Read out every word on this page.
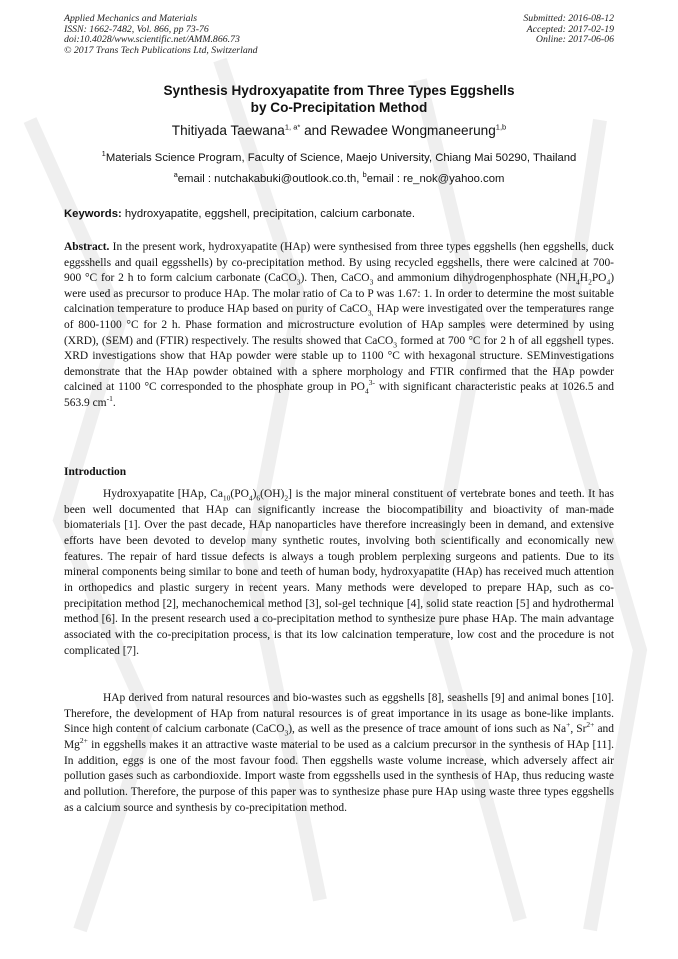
Applied Mechanics and Materials
ISSN: 1662-7482, Vol. 866, pp 73-76
doi:10.4028/www.scientific.net/AMM.866.73
© 2017 Trans Tech Publications Ltd, Switzerland
Submitted: 2016-08-12
Accepted: 2017-02-19
Online: 2017-06-06
Synthesis Hydroxyapatite from Three Types Eggshells
by Co-Precipitation Method
Thitiyada Taewana$^{1, a*}$ and Rewadee Wongmaneerung$^{1,b}$
$^1$Materials Science Program, Faculty of Science, Maejo University, Chiang Mai 50290, Thailand
$^a$email : nutchakabuki@outlook.co.th, $^b$email : re_nok@yahoo.com
Keywords: hydroxyapatite, eggshell, precipitation, calcium carbonate.
Abstract. In the present work, hydroxyapatite (HAp) were synthesised from three types eggshells (hen eggshells, duck eggsshells and quail eggsshells) by co-precipitation method. By using recycled eggshells, there were calcined at 700-900 °C for 2 h to form calcium carbonate (CaCO$_3$). Then, CaCO$_3$ and ammonium dihydrogenphosphate $(NH_4H_2PO_4)$ were used as precursor to produce HAp. The molar ratio of Ca to P was 1.67: 1. In order to determine the most suitable calcination temperature to produce HAp based on purity of CaCO$_{3,}$ HAp were investigated over the temperatures range of 800-1100 °C for 2 h. Phase formation and microstructure evolution of HAp samples were determined by using (XRD), (SEM) and (FTIR) respectively. The results showed that CaCO$_3$ formed at 700 °C for 2 h of all eggshell types. XRD investigations show that HAp powder were stable up to 1100 °C with hexagonal structure. SEMinvestigations demonstrate that the HAp powder obtained with a sphere morphology and FTIR confirmed that the HAp powder calcined at 1100 °C corresponded to the phosphate group in $PO_4^{3-}$ with significant characteristic peaks at 1026.5 and 563.9 $cm^{-1}$.
Introduction
Hydroxyapatite [HAp, $Ca_{10}(PO_4)_6(OH)_2$] is the major mineral constituent of vertebrate bones and teeth. It has been well documented that HAp can significantly increase the biocompatibility and bioactivity of man-made biomaterials [1]. Over the past decade, HAp nanoparticles have therefore increasingly been in demand, and extensive efforts have been devoted to develop many synthetic routes, involving both scientifically and economically new features. The repair of hard tissue defects is always a tough problem perplexing surgeons and patients. Due to its mineral components being similar to bone and teeth of human body, hydroxyapatite (HAp) has received much attention in orthopedics and plastic surgery in recent years. Many methods were developed to prepare HAp, such as co-precipitation method [2], mechanochemical method [3], sol-gel technique [4], solid state reaction [5] and hydrothermal method [6]. In the present research used a co-precipitation method to synthesize pure phase HAp. The main advantage associated with the co-precipitation process, is that its low calcination temperature, low cost and the procedure is not complicated [7].
HAp derived from natural resources and bio-wastes such as eggshells [8], seashells [9] and animal bones [10]. Therefore, the development of HAp from natural resources is of great importance in its usage as bone-like implants. Since high content of calcium carbonate (CaCO$_3$), as well as the presence of trace amount of ions such as Na+, $Sr^{2+}$ and $Mg^{2+}$ in eggshells makes it an attractive waste material to be used as a calcium precursor in the synthesis of HAp [11]. In addition, eggs is one of the most favour food. Then eggshells waste volume increase, which adversely affect air pollution gases such as carbondioxide. Import waste from eggsshells used in the synthesis of HAp, thus reducing waste and pollution. Therefore, the purpose of this paper was to synthesize phase pure HAp using waste three types eggshells as a calcium source and synthesis by co-precipitation method.
